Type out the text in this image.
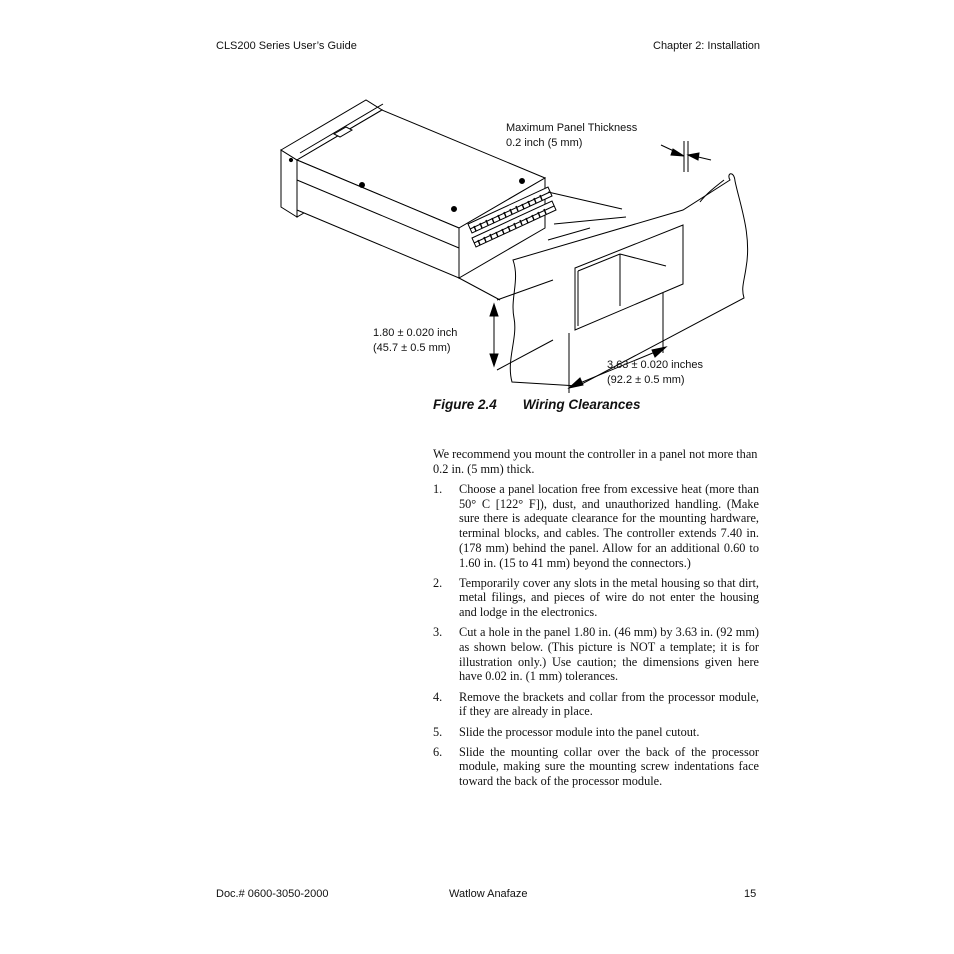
CLS200 Series User’s Guide	Chapter 2: Installation
Maximum Panel Thickness
0.2 inch (5 mm)
1.80 ± 0.020 inch
(45.7 ± 0.5 mm)
3.63 ± 0.020 inches
(92.2 ± 0.5 mm)
Figure 2.4 Wiring Clearances
We recommend you mount the controller in a panel not more than 0.2 in. (5 mm) thick.
1.	Choose a panel location free from excessive heat (more than 50° C [122° F]), dust, and unauthorized handling. (Make sure there is adequate clearance for the mounting hardware, terminal blocks, and cables. The controller extends 7.40 in. (178 mm) behind the panel. Allow for an additional 0.60 to 1.60 in. (15 to 41 mm) beyond the connectors.)
2.	Temporarily cover any slots in the metal housing so that dirt, metal filings, and pieces of wire do not enter the housing and lodge in the electronics.
3.	Cut a hole in the panel 1.80 in. (46 mm) by 3.63 in. (92 mm) as shown below. (This picture is NOT a template; it is for illustration only.) Use caution; the dimensions given here have 0.02 in. (1 mm) tolerances.
4.	Remove the brackets and collar from the processor module, if they are already in place.
5.	Slide the processor module into the panel cutout.
6.	Slide the mounting collar over the back of the processor module, making sure the mounting screw indentations face toward the back of the processor module.
Doc.# 0600-3050-2000	Watlow Anafaze	15
